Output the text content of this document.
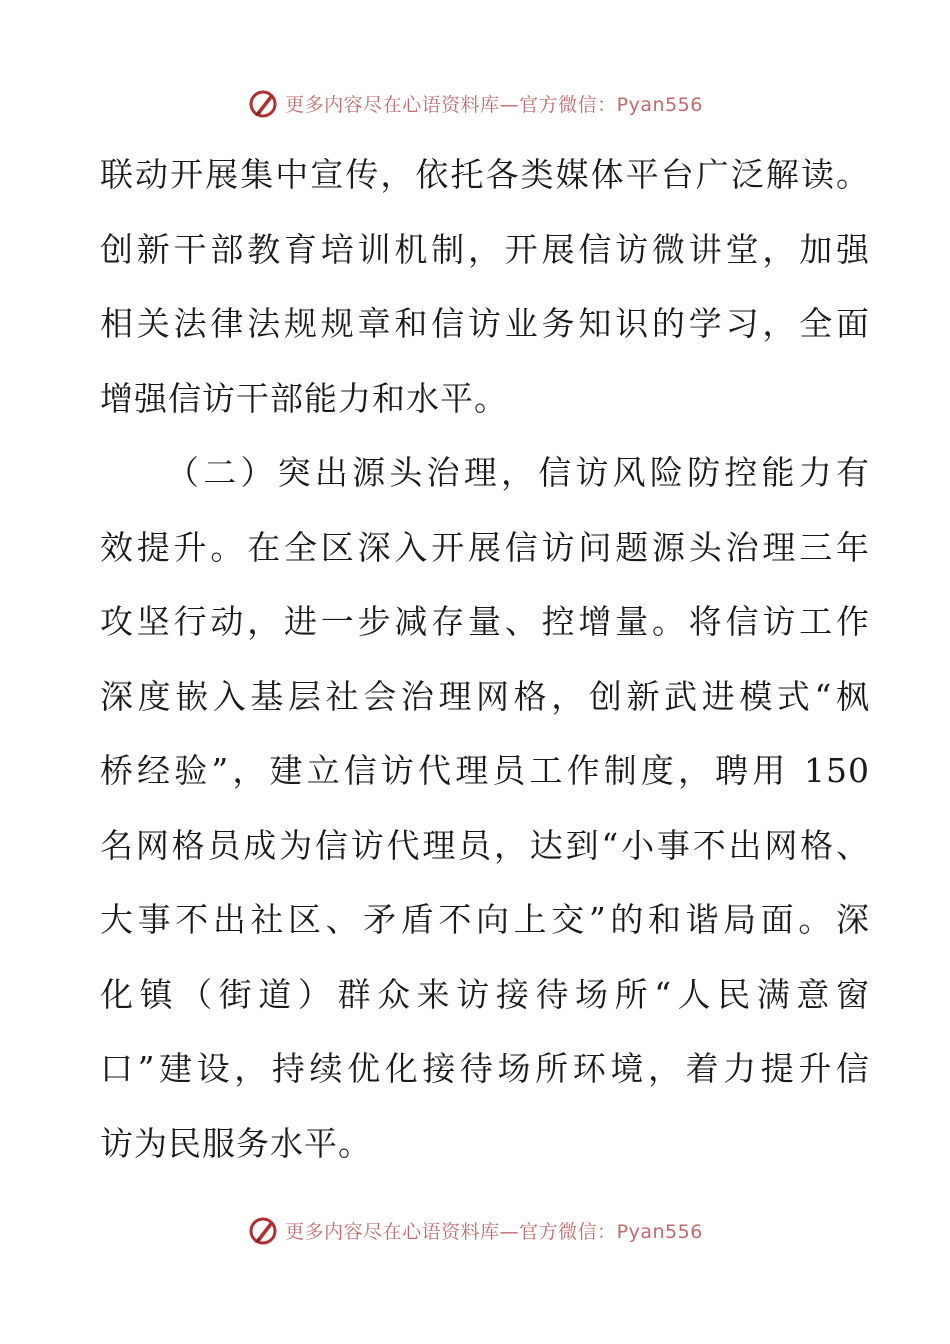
更多内容尽在心语资料库—官方微信：Pyan556
联动开展集中宣传，依托各类媒体平台广泛解读。
创新干部教育培训机制，开展信访微讲堂，加强
相关法律法规规章和信访业务知识的学习，全面
增强信访干部能力和水平。
（二）突出源头治理，信访风险防控能力有
效提升。在全区深入开展信访问题源头治理三年
攻坚行动，进一步减存量、控增量。将信访工作
深度嵌入基层社会治理网格，创新武进模式“枫
桥经验”，建立信访代理员工作制度，聘用 150
名网格员成为信访代理员，达到“小事不出网格、
大事不出社区、矛盾不向上交”的和谐局面。深
化镇（街道）群众来访接待场所“人民满意窗
口”建设，持续优化接待场所环境，着力提升信
访为民服务水平。
更多内容尽在心语资料库—官方微信：Pyan556
